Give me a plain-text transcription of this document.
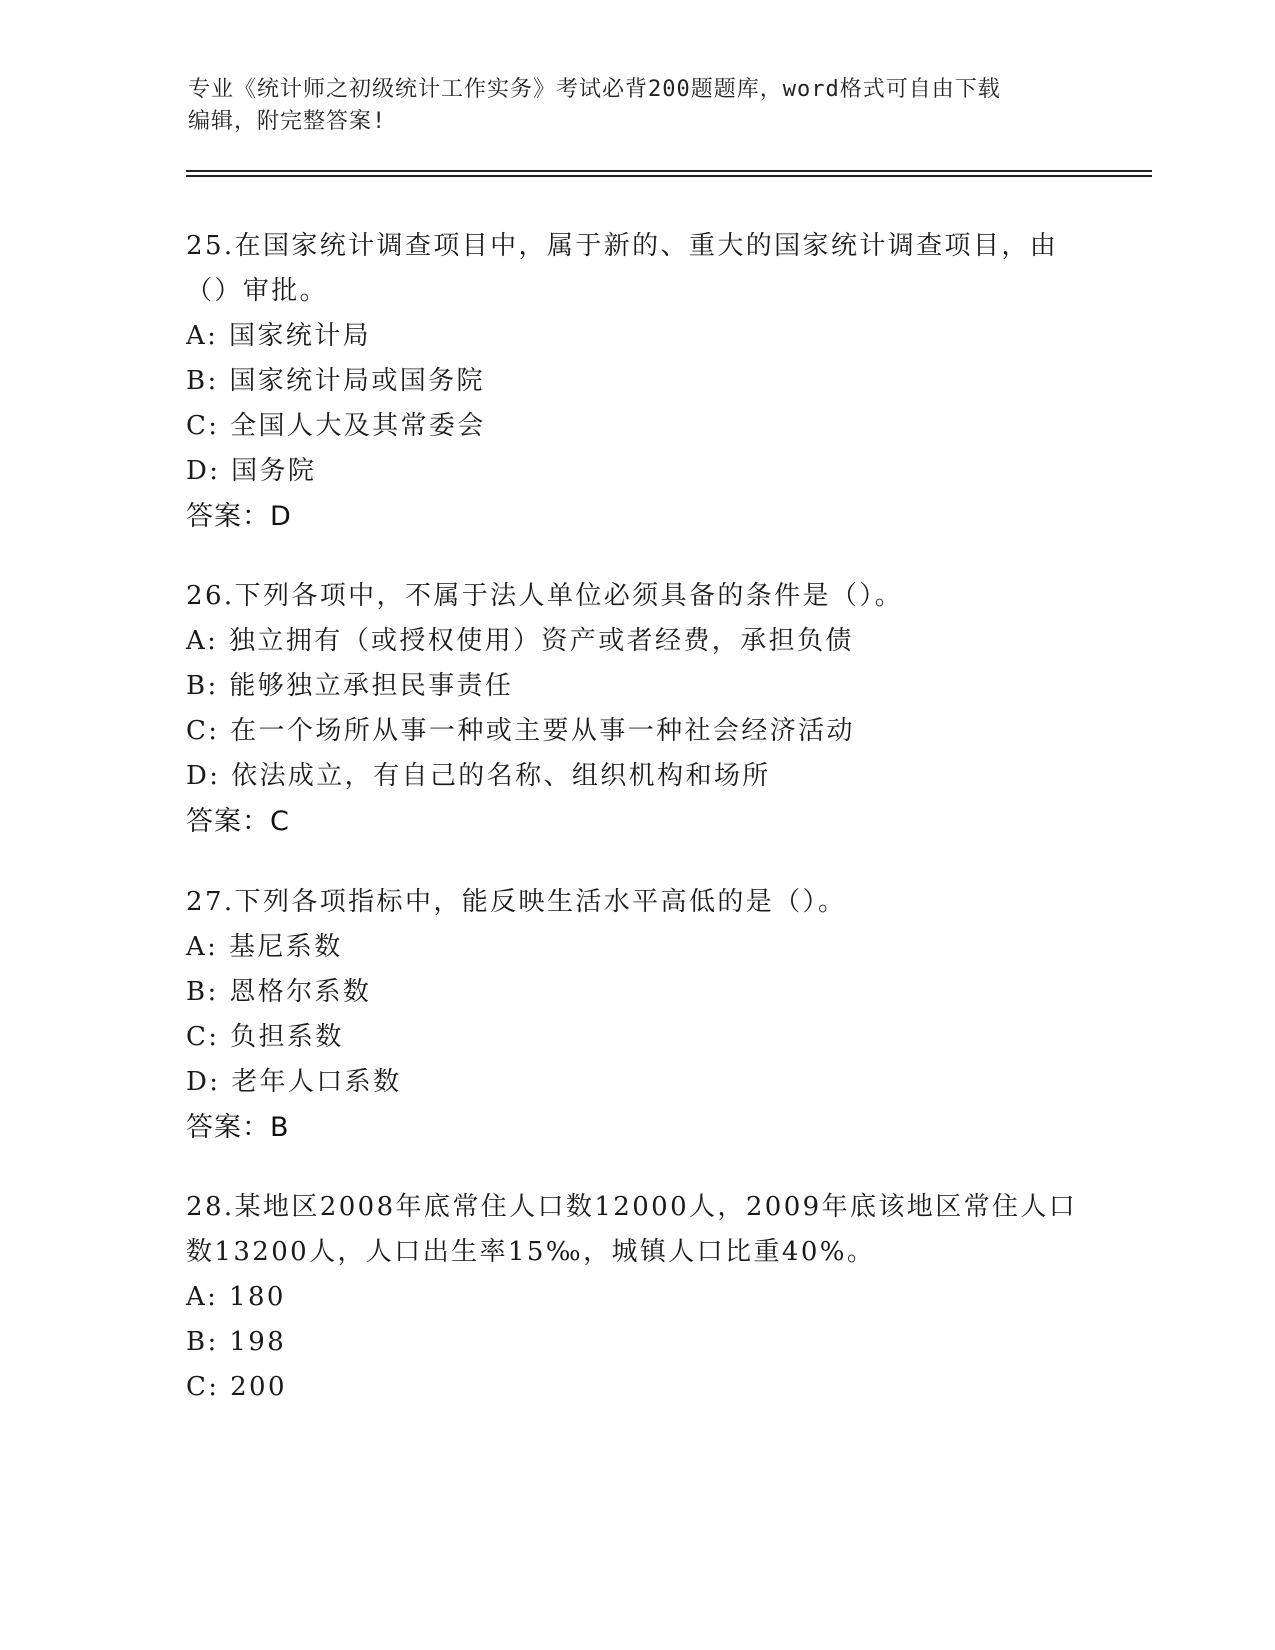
专业《统计师之初级统计工作实务》考试必背200题题库，word格式可自由下载
编辑，附完整答案!
25.在国家统计调查项目中，属于新的、重大的国家统计调查项目，由
（）审批。
A: 国家统计局
B: 国家统计局或国务院
C: 全国人大及其常委会
D: 国务院
答案：D
26.下列各项中，不属于法人单位必须具备的条件是（）。
A: 独立拥有（或授权使用）资产或者经费，承担负债
B: 能够独立承担民事责任
C: 在一个场所从事一种或主要从事一种社会经济活动
D: 依法成立，有自己的名称、组织机构和场所
答案：C
27.下列各项指标中，能反映生活水平高低的是（）。
A: 基尼系数
B: 恩格尔系数
C: 负担系数
D: 老年人口系数
答案：B
28.某地区2008年底常住人口数12000人，2009年底该地区常住人口
数13200人，人口出生率15‰，城镇人口比重40%。
A: 180
B: 198
C: 200
